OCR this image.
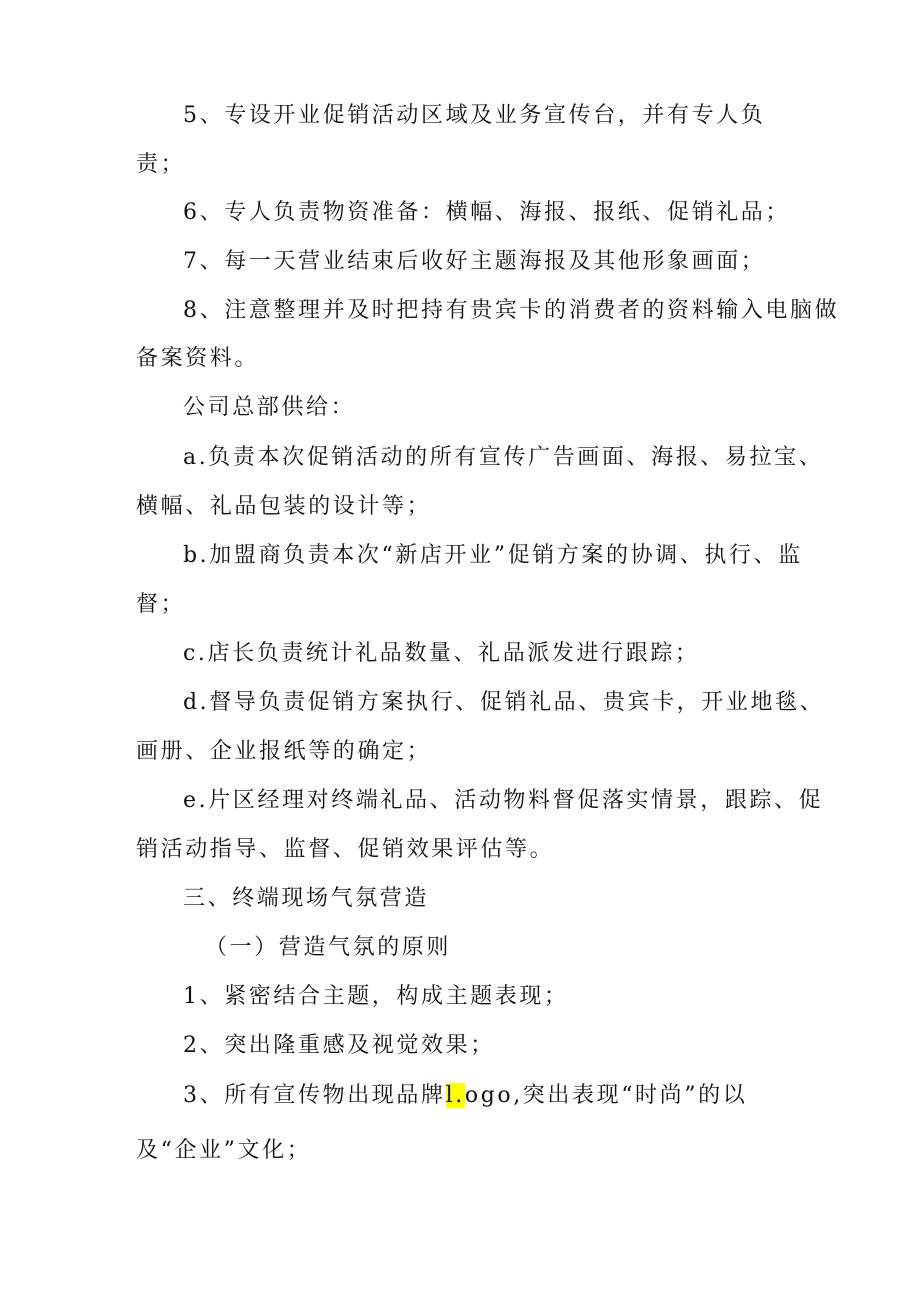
5、专设开业促销活动区域及业务宣传台，并有专人负

责；

6、专人负责物资准备：横幅、海报、报纸、促销礼品；

7、每一天营业结束后收好主题海报及其他形象画面；

8、注意整理并及时把持有贵宾卡的消费者的资料输入电脑做

备案资料。

公司总部供给：

a.负责本次促销活动的所有宣传广告画面、海报、易拉宝、

横幅、礼品包装的设计等；

b.加盟商负责本次“新店开业”促销方案的协调、执行、监

督；

c.店长负责统计礼品数量、礼品派发进行跟踪；

d.督导负责促销方案执行、促销礼品、贵宾卡，开业地毯、

画册、企业报纸等的确定；

e.片区经理对终端礼品、活动物料督促落实情景，跟踪、促

销活动指导、监督、促销效果评估等。

三、终端现场气氛营造

（一）营造气氛的原则

1、紧密结合主题，构成主题表现；

2、突出隆重感及视觉效果；

3、所有宣传物出现品牌l.ogo,突出表现“时尚”的以

及“企业”文化；
